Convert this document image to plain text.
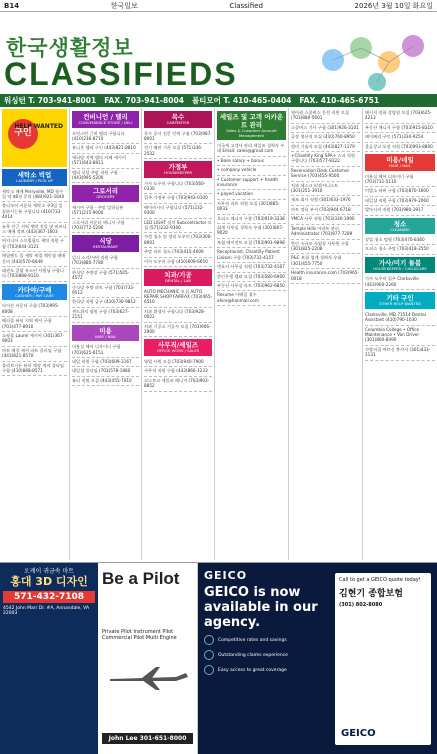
B14	한국일보	Classified	2026년 3월 10일 화요일
한국생활정보
CLASSIFIEDS
워싱턴 T. 703-941-8001 FAX. 703-941-8004 볼티모어 T. 410-465-0404 FAX. 410-465-6751
구인
HELP WANTED
세탁소 빅업
LAUNDRY / PICK UP
세탁소 매매 Perryville, MD 월수입 약 $8천 문의 (484)921-1640
볼티모어 카운티 세탁소 주3일 일 잘하시는분 구합니다 (410)733-4414
뉴욕 인근 지역 세탁 건물 및 비즈니스 매매 정보 (443)367-1603
버지니아 스프링필드 세탁 직원 구함 (703)644-3121
메릴랜드 몰 세탁 픽업 체인점 매매 문의 (443)570-6649
태권도 클럽 유소년 사범님 구합니다 (703)888-9110
카다야/구매
CASHIER / PAY CARE
타이슨 카운터 구함 (703)995-8008
해피몰 뷰티 지역 캐셔 구함 (703)477-8910
쇼핑몰 Laurel 캐시어 (301)367-9003
마트 매장 캐셔 파트 풀타임 구함 (443)821-8570
올리브가든 뷰티 매장 캐셔 풀타임 구함 (410)868-8571
컨비니언 / 델리
CONVENIENCE STORE / DELI
프린스턴 근처 델리 구합니다 (410)236-8710
유니온 델리 구인 (443)821-8810
캐피탈 지역 델리 카페 캐시어 (571)643-8811
델리 식당 주말 직원 구함 (443)995-5200
그로서리
GROCERY
캐시어 구함 - 주말 일하실분 (571)215-9000
그로서리 카운터 매니저 구함 (703)772-5290
식당
RESTAURANT
일식 스시/서버 직원 구함 (703)880-7780
한식당 주방장 구함 (571)505-4572
중식당 주방 파트 구함 (703)732-9512
한식당 직원 급구 (410)730-9812
샌드위치 점원 구함 (703)627-2151
미용
HAIR / NAIL
미용실 헤어 디자이너 구함 (703)625-6151
네일 직원 구함 (703)609-3167
네일샵 풀타임 (703)578-1980
뷰티 직원 모집 (443)455-7010
목수
CARPENTER
목수 공사 전문 인력 구함 (703)987-8001
전기 배관 기사 모집 (571)336-2532
가정부
HOUSEKEEPER
가사 도우미 구합니다 (703)560-0330
입주 가정부 구함 (703)943-0100
베이비시터 구합니다 (571)232-9300
LED LIGHT 설치 Subcontractor 모집 (571)232-9300
가정 청소 및 정리 도우미 (703)300-8901
주말 파트 청소 (703)415-4609
이사 도우미 구함 (410)609-6650
치과/기공
DENTAL / LAB
AUTO MECHANIC 모집 AUTO REPAIR SHOP FAIRFAX (703)465-6510
치과 위생사 구합니다 (703)928-0022
치과 기공소 기공사 모집 (703)906-2900
사무직/세일즈
OFFICE WORK / SALES
영업 사원 모집 (703)940-7900
사무직 직원 구함 (443)866-1233
코스트코 세일즈 매니저 (703)903-8852
세일즈 및 고객 어카운트 관리
Sales & Customer Account Management
미국계 고객사 관리 세일즈 경력자 우대 Email: sales@gmail.com
• Base salary + bonus
• company vehicle
• Customer support + health insurance
• payed vacation
사무직 파트 직원 모집 (301)885-0033
오피스 매니저 구함 (703)919-3338
회계 사무실 경력자 우대 (301)807-9020
보험 에이전트 모집 (703)991-9898
Receptionist, Chantilly Patient Liaison 구함 (703)732-4157
변호사 사무실 직원 (703)732-4167
한인은행 텔러 모집 (703)580-6900
부동산 사무실 파트 (703)962-6850
Resume 이메일 접수 ehire@hanmail.com
영어권 스쿨버스 운전 직원 모집 (703)880-5601
스쿨버스 기사 구함 (301)926-3101
공장 생산직 모집 (410)760-8950
정비 기술자 모집 (443)827-1179
+Chantilly King SPA+ 스파 직원 구합니다 (703)577-8222
Reservation Desk Customer Service (703)455-9500
치과 데스크 리셉셔니스트 (301)251-3910
제조 회사 직원 (301)633-1976
마트 정육 부서 (703)944-6718
YMCA 사무 직원 (703)330-1990
Temple Hills 아파트 관리 Administrator (703)977-7289
한인 소규모 사업장 사무원 구함 (301)825-2208
P&C 보험 업계 경력자 우대 (301)455-7750
Health insurance.com (703)965-0018
메시지 전화 상담원 모집 (703)625-4213
부동산 매니저 구함 (703)915-8310
페이페리 구인 (571)334-9254
물류창고 포장 직원 (703)993-8800
미용/네일
HAIR / NAIL
미용실 헤어 디자이너 구함 (703)731-5110
이발소 바버 구함 (703)870-1600
네일샵 직원 구함 (703)979-2060
발마사지 직원 (703)980-1917
청소
CLEANING
상업 청소 팀원 (703)470-8360
오피스 청소 주말 (703)418-2550
가사/미기 돌봄
HOUSEKEEPER / CHILDCARE
가사 도우미 입주 Clarksville (443)960-2260
기타 구인
OTHER HELP WANTED
Clarksville, MD 71514 Dental Assistant (410)790-1030
Columbia College • Office Maintenance • Van Driver (301)860-8490
사랑의집 어르신 봉사자 (301)433-1131
오케이 귀금속 마트
홍대 3D 디자인
571-432-7108
4542 John Marr Dr. #A, Annandale, VA 22003
Be a Pilot
Private Pilot Instrument Pilot Commercial Pilot Multi Engine
John Lee 301-651-8000
GEICO
GEICO is now available in our agency.
Competitive rates and savings
Outstanding claims experience
Easy access to great coverage
Call to get a GEICO quote today!
김현기 종합보험
(301) 802-8080
GEICO
